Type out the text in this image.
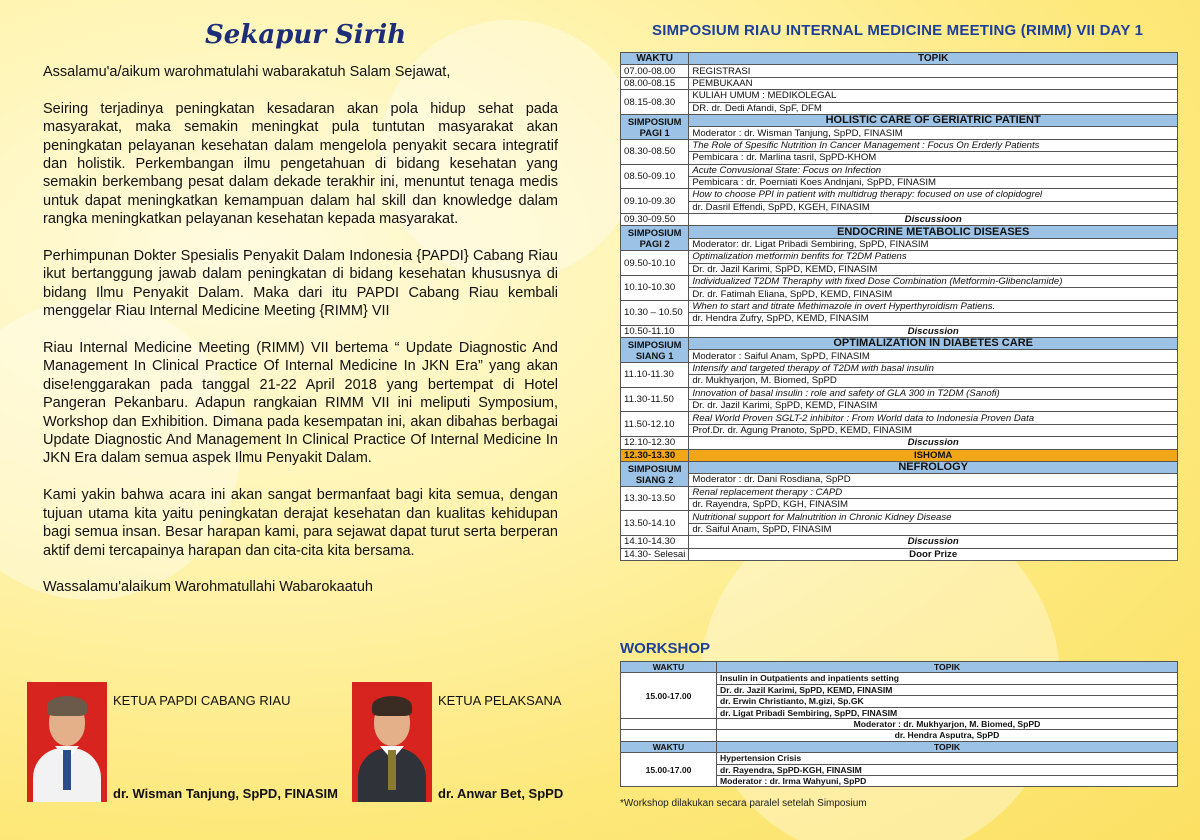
Sekapur Sirih

Assalamu'a/aikum warohmatulahi wabarakatuh Salam Sejawat,

Seiring terjadinya peningkatan kesadaran akan pola hidup sehat pada masyarakat, maka semakin meningkat pula tuntutan masyarakat akan peningkatan pelayanan kesehatan dalam mengelola penyakit secara integratif dan holistik. Perkembangan ilmu pengetahuan di bidang kesehatan yang semakin berkembang pesat dalam dekade terakhir ini, menuntut tenaga medis untuk dapat meningkatkan kemampuan dalam hal skill dan knowledge dalam rangka meningkatkan pelayanan kesehatan kepada masyarakat.

Perhimpunan Dokter Spesialis Penyakit Dalam Indonesia {PAPDI} Cabang Riau ikut bertanggung jawab dalam peningkatan di bidang kesehatan khususnya di bidang Ilmu Penyakit Dalam. Maka dari itu PAPDI Cabang Riau kembali menggelar Riau Internal Medicine Meeting {RIMM} VII

Riau Internal Medicine Meeting (RIMM) VII bertema “ Update Diagnostic And Management In Clinical Practice Of Internal Medicine In JKN Era” yang akan dise!enggarakan pada tanggal 21-22 April 2018 yang bertempat di Hotel Pangeran Pekanbaru. Adapun rangkaian RIMM VII ini meliputi Symposium, Workshop dan Exhibition. Dimana pada kesempatan ini, akan dibahas berbagai Update Diagnostic And Management In Clinical Practice Of Internal Medicine In JKN Era dalam semua aspek Ilmu Penyakit Dalam.

Kami yakin bahwa acara ini akan sangat bermanfaat bagi kita semua, dengan tujuan utama kita yaitu peningkatan derajat kesehatan dan kualitas kehidupan bagi semua insan. Besar harapan kami, para sejawat dapat turut serta berperan aktif demi tercapainya harapan dan cita-cita kita bersama.

Wassalamu'alaikum Warohmatullahi Wabarokaatuh

KETUA PAPDI CABANG RIAU
dr. Wisman Tanjung, SpPD, FINASIM
KETUA PELAKSANA
dr. Anwar Bet, SpPD
SIMPOSIUM RIAU INTERNAL MEDICINE MEETING (RIMM) VII DAY 1
WAKTU	TOPIK
07.00-08.00	REGISTRASI
08.00-08.15	PEMBUKAAN
08.15-08.30	KULIAH UMUM : MEDIKOLEGAL
	DR. dr. Dedi Afandi, SpF, DFM

SIMPOSIUM
PAGI 1	HOLISTIC CARE OF GERIATRIC PATIENT
	Moderator : dr. Wisman Tanjung, SpPD, FINASIM
08.30-08.50	The Role of Spesific Nutrition In Cancer Management : Focus On Erderly Patients
	Pembicara : dr. Marlina tasril, SpPD-KHOM
08.50-09.10	Acute Convusional State: Focus on Infection
	Pembicara : dr. Poerniati Koes Andnjani, SpPD, FINASIM
09.10-09.30	How to choose PPI in patient with multidrug therapy: focused on use of clopidogrel
	dr. Dasril Effendi, SpPD, KGEH, FINASIM
09.30-09.50	Discussioon

SIMPOSIUM
PAGI 2	ENDOCRINE METABOLIC DISEASES
	Moderator: dr. Ligat Pribadi Sembiring, SpPD, FINASIM
09.50-10.10	Optimalization metformin benfits for T2DM Patiens
	Dr. dr. Jazil Karimi, SpPD, KEMD, FINASIM
10.10-10.30	Individualized T2DM Theraphy with fixed Dose Combination (Metformin-Glibenclamide)
	Dr. dr. Fatimah Eliana, SpPD, KEMD, FINASIM
10.30 – 10.50	When to start and titrate Methimazole in overt Hyperthyroidism Patiens.
	dr. Hendra Zufry, SpPD, KEMD, FINASIM
10.50-11.10	Discussion

SIMPOSIUM
SIANG 1	OPTIMALIZATION IN DIABETES CARE
	Moderator : Saiful Anam, SpPD, FINASIM
11.10-11.30	Intensify and targeted therapy of T2DM with basal insulin
	dr. Mukhyarjon, M. Biomed, SpPD
11.30-11.50	Innovation of basal insulin : role and safety of GLA 300 in T2DM (Sanofi)
	Dr. dr. Jazil Karimi, SpPD, KEMD, FINASIM
11.50-12.10	Real World Proven SGLT-2 inhibitor : From World data to Indonesia Proven Data
	Prof.Dr. dr. Agung Pranoto, SpPD, KEMD, FINASIM
12.10-12.30	Discussion
12.30-13.30	ISHOMA

SIMPOSIUM
SIANG 2	NEFROLOGY
	Moderator : dr. Dani Rosdiana, SpPD
13.30-13.50	Renal replacement therapy : CAPD
	dr. Rayendra, SpPD, KGH, FINASIM
13.50-14.10	Nutritional support for Malnutrition in Chronic Kidney Disease
	dr. Saiful Anam, SpPD, FINASIM
14.10-14.30	Discussion
14.30- Selesai	Door Prize
WORKSHOP
WAKTU	TOPIK
15.00-17.00	Insulin in Outpatients and inpatients setting
	Dr. dr. Jazil Karimi, SpPD, KEMD, FINASIM
	dr. Erwin Christianto, M.gizi, Sp.GK
	dr. Ligat Pribadi Sembiring, SpPD, FINASIM
	Moderator : dr. Mukhyarjon, M. Biomed, SpPD
	dr. Hendra Asputra, SpPD
WAKTU	TOPIK
15.00-17.00	Hypertension Crisis
	dr. Rayendra, SpPD-KGH, FINASIM
	Moderator : dr. Irma Wahyuni, SpPD
*Workshop dilakukan secara paralel setelah Simposium
